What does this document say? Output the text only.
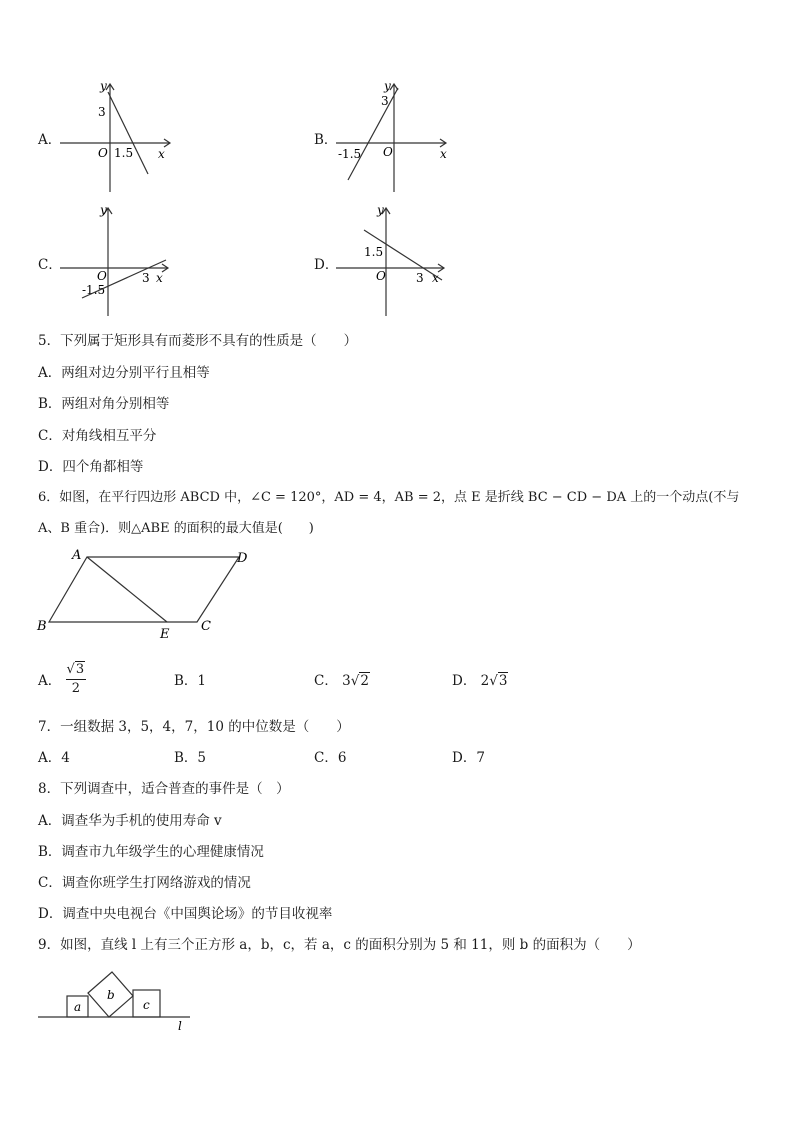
A．
y
x
O
3
1.5
B．
y
x
O
3
-1.5
C．
y
x
O
-1.5
3
D．
y
x
O
1.5
3
5．下列属于矩形具有而菱形不具有的性质是（　　）
A．两组对边分别平行且相等
B．两组对角分别相等
C．对角线相互平分
D．四个角都相等
6．如图，在平行四边形 ABCD 中，∠C = 120°，AD = 4，AB = 2，点 E 是折线 BC − CD − DA 上的一个动点(不与
A、B 重合)．则△ABE 的面积的最大值是(　　)
A	D
B
E
C
A． $\frac{√3}{2}$	B．1	C． 3√2	D． 2√3
7．一组数据 3，5，4，7，10 的中位数是（　　）
A．4	B．5	C．6	D．7
8．下列调查中，适合普查的事件是（　）
A．调查华为手机的使用寿命 v
B．调查市九年级学生的心理健康情况
C．调查你班学生打网络游戏的情况
D．调查中央电视台《中国舆论场》的节目收视率
9．如图，直线 l 上有三个正方形 a，b，c，若 a，c 的面积分别为 5 和 11，则 b 的面积为（　　）
a
b
c
l
